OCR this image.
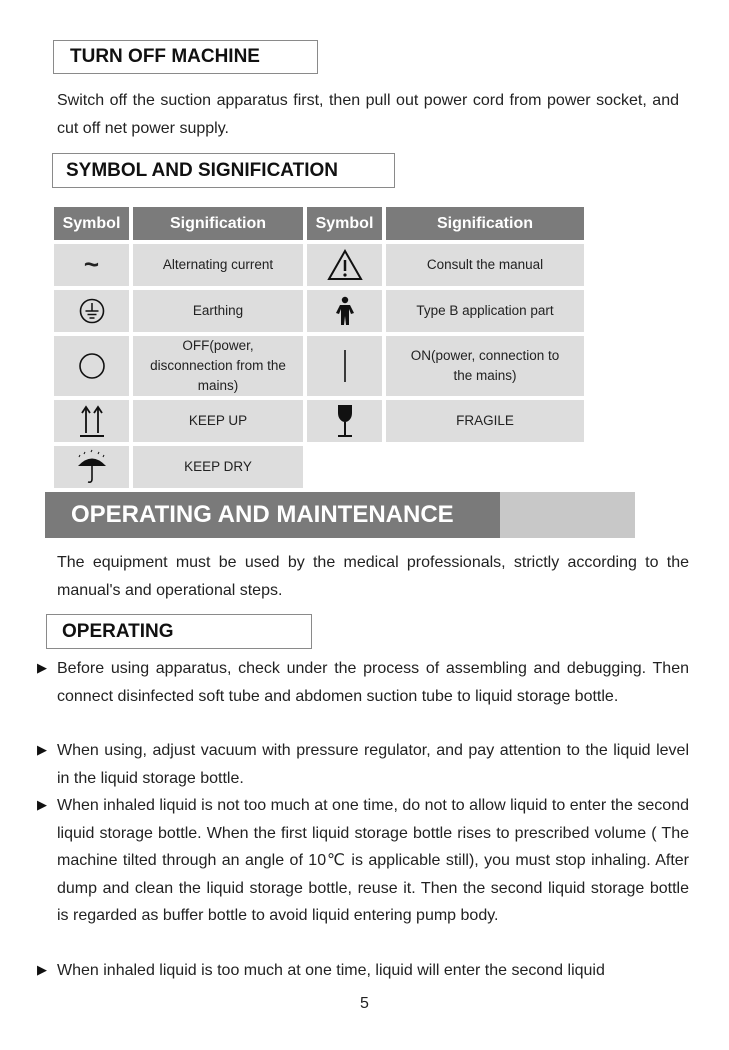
TURN OFF MACHINE

Switch off the suction apparatus first, then pull out power cord from power socket, and cut off net power supply.

SYMBOL AND SIGNIFICATION
Symbol	Signification	Symbol	Signification
~	Alternating current		Consult the manual

	Earthing		Type B application part

	OFF(power, disconnection from the mains)		ON(power, connection to the mains)

	KEEP UP		FRAGILE

	KEEP DRY		
OPERATING AND MAINTENANCE

The equipment must be used by the medical professionals, strictly according to the manual's and operational steps.

OPERATING
▶ Before using apparatus, check under the process of assembling and debugging. Then connect disinfected soft tube and abdomen suction tube to liquid storage bottle.

▶ When using, adjust vacuum with pressure regulator, and pay attention to the liquid level in the liquid storage bottle.

▶ When inhaled liquid is not too much at one time, do not to allow liquid to enter the second liquid storage bottle. When the first liquid storage bottle rises to prescribed volume ( The machine tilted through an angle of 10℃ is applicable still), you must stop inhaling. After dump and clean the liquid storage bottle, reuse it. Then the second liquid storage bottle is regarded as buffer bottle to avoid liquid entering pump body.

▶ When inhaled liquid is too much at one time, liquid will enter the second liquid

5
